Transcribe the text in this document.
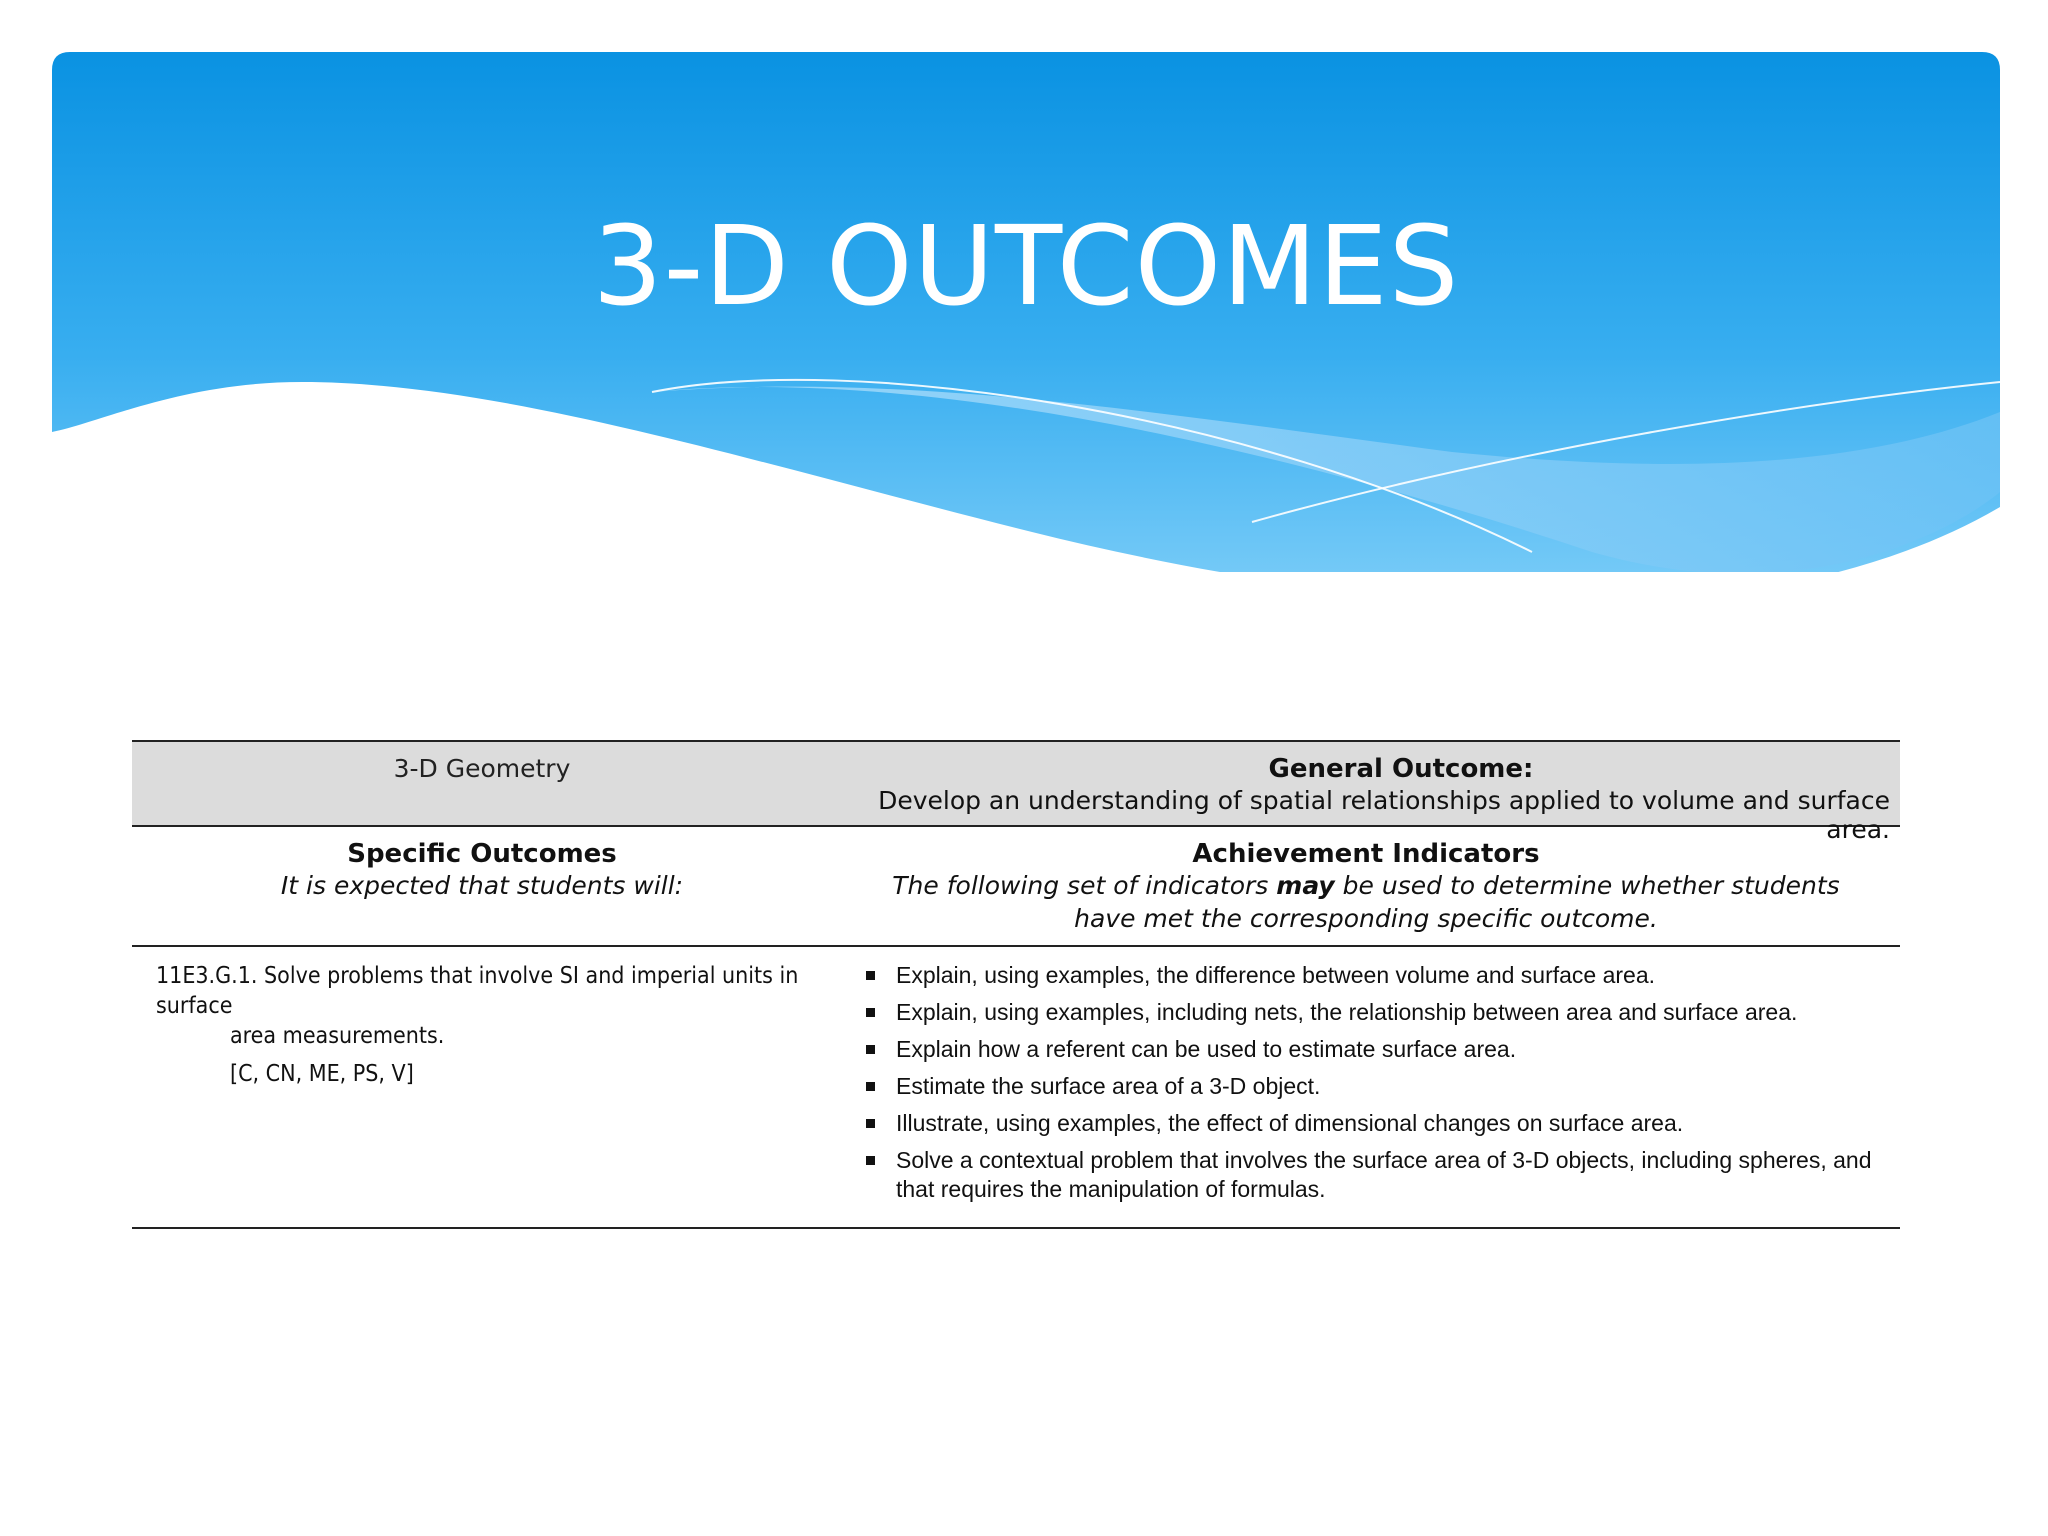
3-D OUTCOMES
3-D Geometry	General Outcome:
Develop an understanding of spatial relationships applied to volume and surface area.
Specific Outcomes
It is expected that students will:
Achievement Indicators
The following set of indicators may be used to determine whether students
have met the corresponding specific outcome.
11E3.G.1. Solve problems that involve SI and imperial units in surface
area measurements.
[C, CN, ME, PS, V]
Explain, using examples, the difference between volume and surface area.
Explain, using examples, including nets, the relationship between area and surface area.
Explain how a referent can be used to estimate surface area.
Estimate the surface area of a 3-D object.
Illustrate, using examples, the effect of dimensional changes on surface area.
Solve a contextual problem that involves the surface area of 3-D objects, including spheres, and that requires the manipulation of formulas.
